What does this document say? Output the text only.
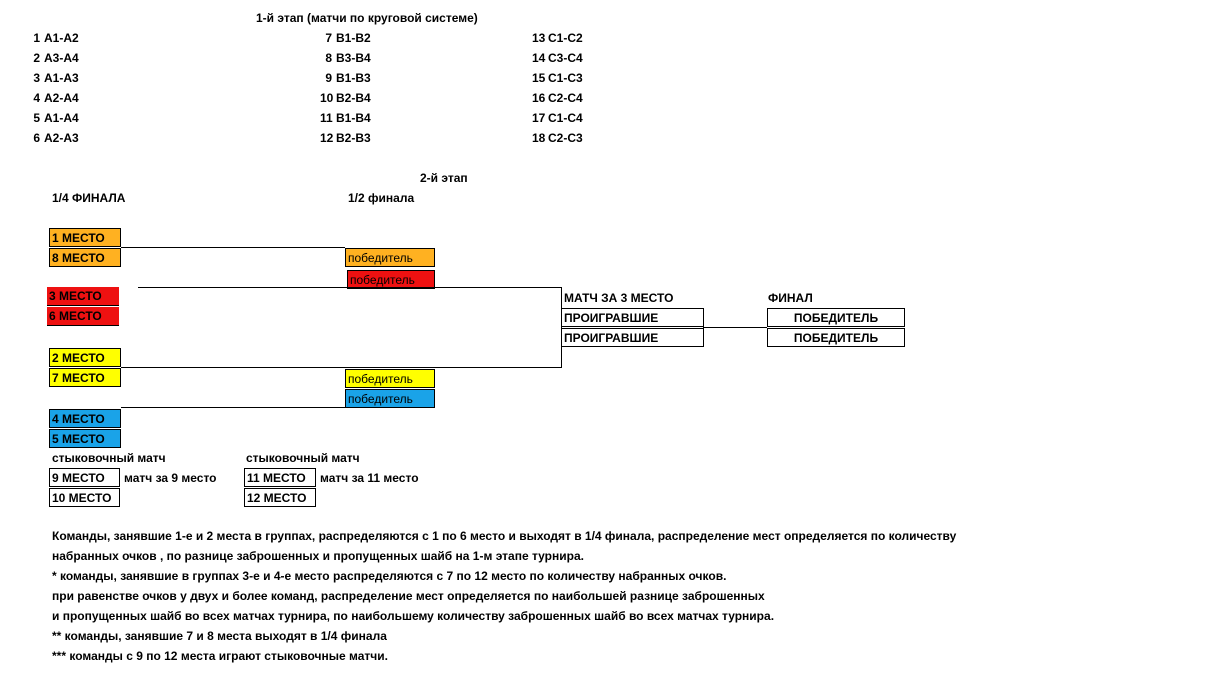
1-й этап (матчи по круговой системе)
1 A1-A2
2 A3-A4
3 A1-A3
4 A2-A4
5 A1-A4
6 A2-A3
7 B1-B2
8 B3-B4
9 B1-B3
10 B2-B4
11 B1-B4
12 B2-B3
13 C1-C2
14 C3-C4
15 C1-C3
16 C2-C4
17 C1-C4
18 C2-C3
2-й этап
1/4 ФИНАЛА	1/2 финала
1 МЕСТО
8 МЕСТО
3 МЕСТО
6 МЕСТО
2 МЕСТО
7 МЕСТО
4 МЕСТО
5 МЕСТО
победитель
победитель
победитель
победитель
МАТЧ ЗА 3 МЕСТО
ПРОИГРАВШИЕ
ПРОИГРАВШИЕ
ФИНАЛ
ПОБЕДИТЕЛЬ
ПОБЕДИТЕЛЬ
стыковочный матч
9 МЕСТО
10 МЕСТО
матч за 9 место
стыковочный матч
11 МЕСТО
12 МЕСТО
матч за 11 место
Команды, занявшие 1-е и 2 места в группах, распределяются с 1 по 6 место и выходят в 1/4 финала, распределение мест определяется по количеству
набранных очков , по разнице заброшенных и пропущенных шайб на 1-м этапе турнира.
* команды, занявшие в группах 3-е и 4-е место распределяются с 7 по 12 место по количеству набранных очков.
при равенстве очков у двух и более команд, распределение мест определяется по наибольшей разнице заброшенных
и пропущенных шайб во всех матчах турнира, по наибольшему количеству заброшенных шайб во всех матчах турнира.
** команды, занявшие 7 и 8 места выходят в 1/4 финала
*** команды с 9 по 12 места играют стыковочные матчи.
